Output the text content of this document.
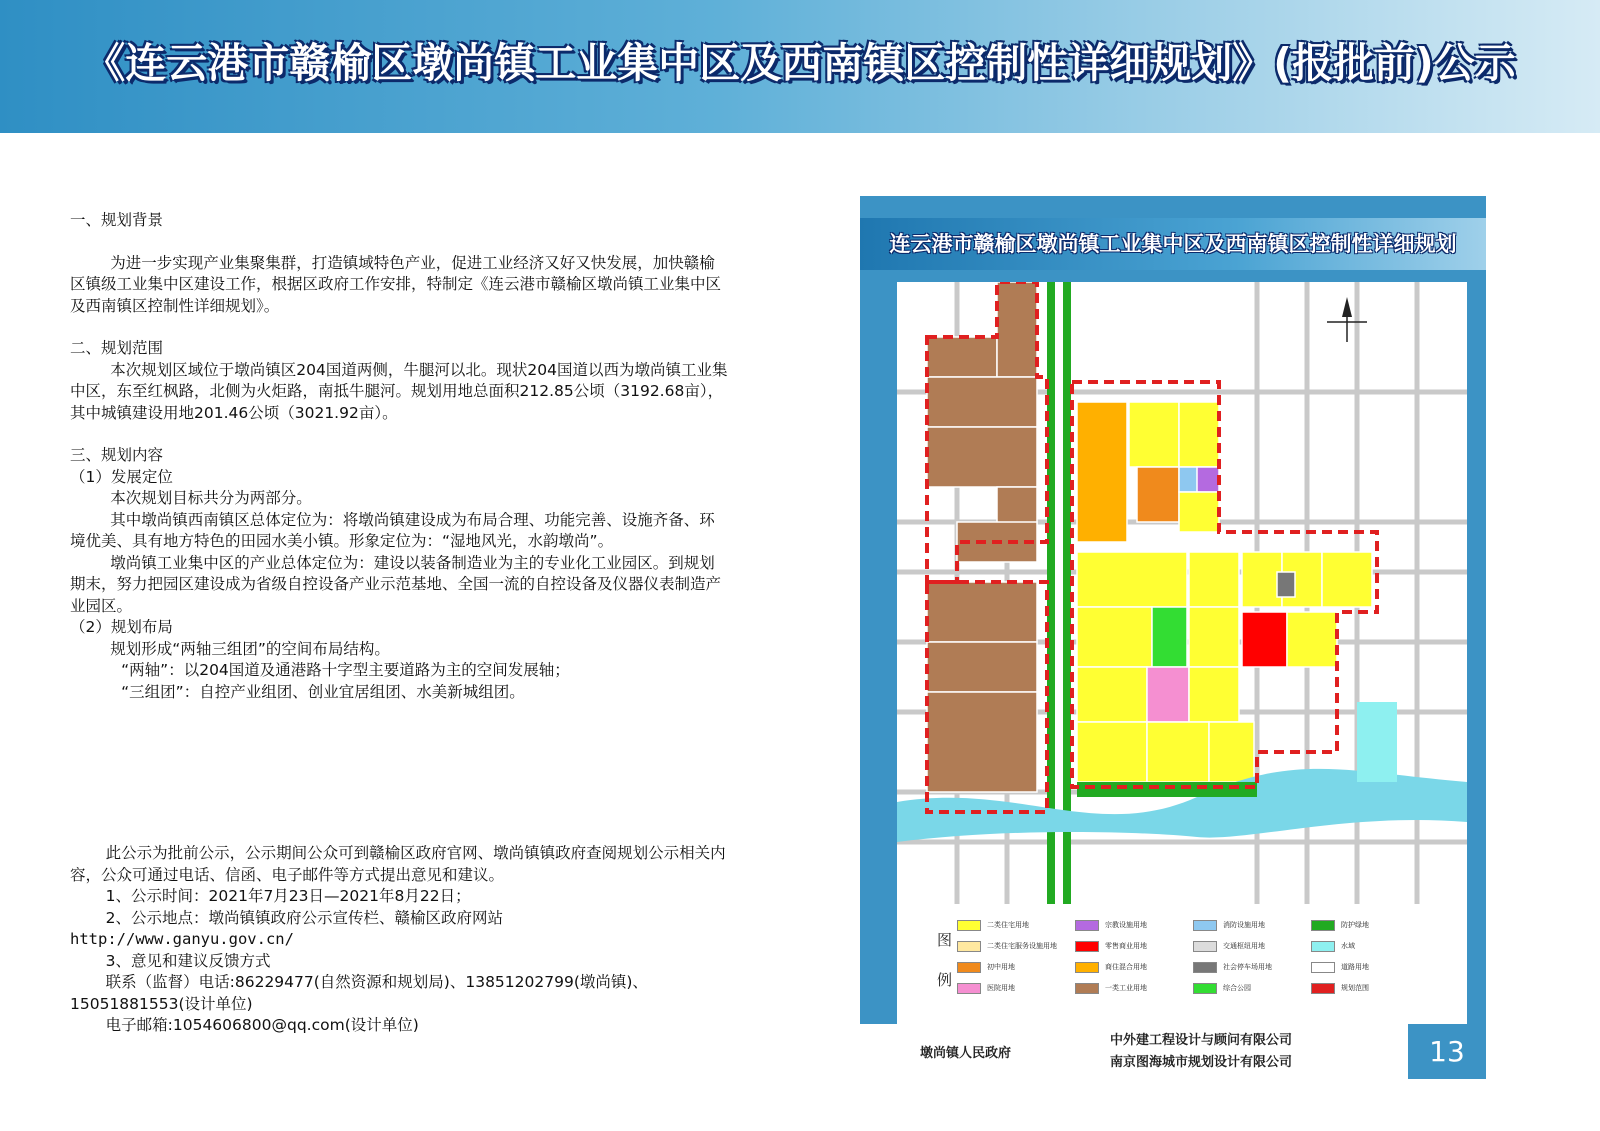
《连云港市赣榆区墩尚镇工业集中区及西南镇区控制性详细规划》(报批前)公示

一、规划背景

为进一步实现产业集聚集群，打造镇域特色产业，促进工业经济又好又快发展，加快赣榆区镇级工业集中区建设工作，根据区政府工作安排，特制定《连云港市赣榆区墩尚镇工业集中区及西南镇区控制性详细规划》。

二、规划范围

本次规划区域位于墩尚镇区204国道两侧，牛腿河以北。现状204国道以西为墩尚镇工业集中区，东至红枫路，北侧为火炬路，南抵牛腿河。规划用地总面积212.85公顷（3192.68亩），其中城镇建设用地201.46公顷（3021.92亩）。

三、规划内容

（1）发展定位

本次规划目标共分为两部分。

其中墩尚镇西南镇区总体定位为：将墩尚镇建设成为布局合理、功能完善、设施齐备、环境优美、具有地方特色的田园水美小镇。形象定位为：“湿地风光，水韵墩尚”。

墩尚镇工业集中区的产业总体定位为：建设以装备制造业为主的专业化工业园区。到规划期末，努力把园区建设成为省级自控设备产业示范基地、全国一流的自控设备及仪器仪表制造产业园区。

（2）规划布局

规划形成“两轴三组团”的空间布局结构。

“两轴”：以204国道及通港路十字型主要道路为主的空间发展轴；

“三组团”：自控产业组团、创业宜居组团、水美新城组团。

此公示为批前公示，公示期间公众可到赣榆区政府官网、墩尚镇镇政府查阅规划公示相关内容，公众可通过电话、信函、电子邮件等方式提出意见和建议。

1、公示时间：2021年7月23日—2021年8月22日；

2、公示地点：墩尚镇镇政府公示宣传栏、赣榆区政府网站

http://www.ganyu.gov.cn/

3、意见和建议反馈方式

联系（监督）电话:86229477(自然资源和规划局)、13851202799(墩尚镇)、15051881553(设计单位)

电子邮箱:1054606800@qq.com(设计单位)

连云港市赣榆区墩尚镇工业集中区及西南镇区控制性详细规划
图例
二类住宅用地
二类住宅服务设施用地
初中用地
医院用地
宗教设施用地
零售商业用地
商住混合用地
一类工业用地
消防设施用地
交通枢纽用地
社会停车场用地
综合公园
防护绿地
水域
道路用地
规划范围
墩尚镇人民政府
中外建工程设计与顾问有限公司
南京图海城市规划设计有限公司	13
